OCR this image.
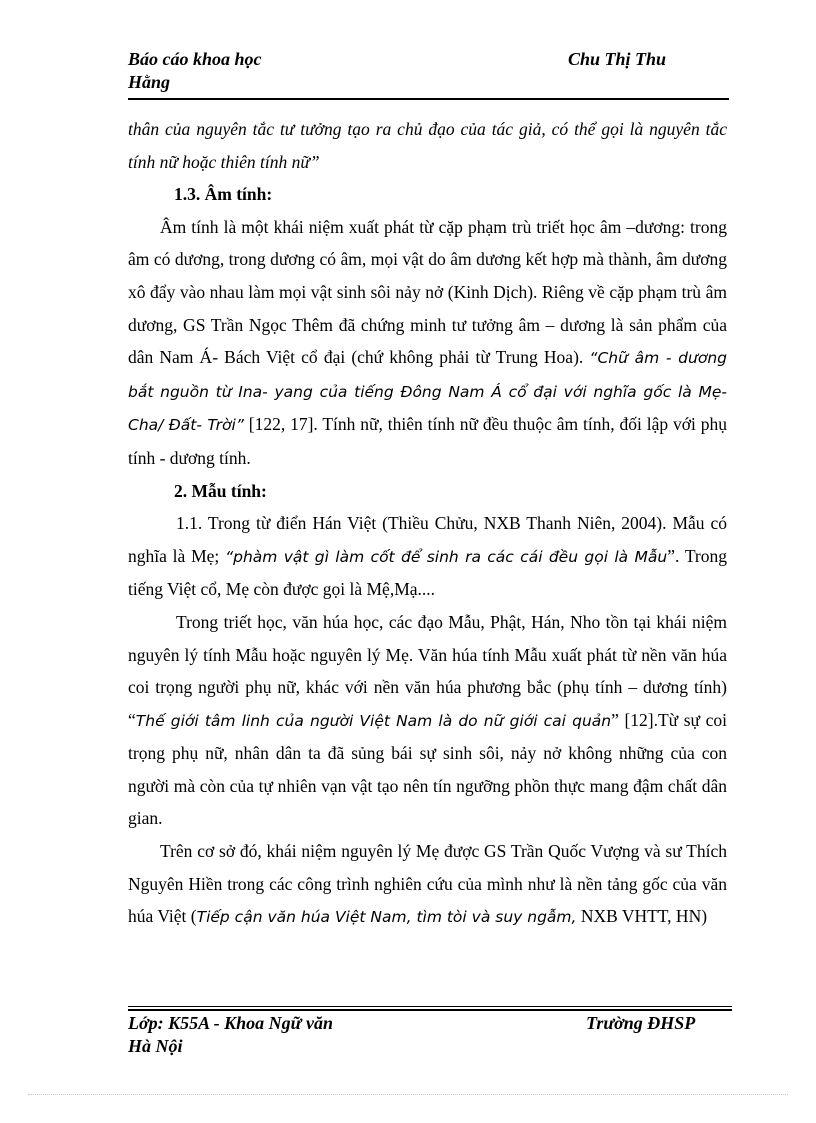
Báo cáo khoa học	Chu Thị Thu
Hằng

thân của nguyên tắc tư tưởng tạo ra chủ đạo của tác giả, có thể gọi là nguyên tắc tính nữ hoặc thiên tính nữ”

1.3. Âm tính:

Âm tính là một khái niệm xuất phát từ cặp phạm trù triết học âm –dương: trong âm có dương, trong dương có âm, mọi vật do âm dương kết hợp mà thành, âm dương xô đẩy vào nhau làm mọi vật sinh sôi nảy nở (Kinh Dịch). Riêng về cặp phạm trù âm dương, GS Trần Ngọc Thêm đã chứng minh tư tưởng âm – dương là sản phẩm của dân Nam Á- Bách Việt cổ đại (chứ không phải từ Trung Hoa). “Chữ âm - dương bắt nguồn từ Ina- yang của tiếng Đông Nam Á cổ đại với nghĩa gốc là Mẹ- Cha/ Đất- Trời” [122, 17]. Tính nữ, thiên tính nữ đều thuộc âm tính, đối lập với phụ tính - dương tính.

2. Mẫu tính:

1.1. Trong từ điển Hán Việt (Thiều Chửu, NXB Thanh Niên, 2004). Mẫu có nghĩa là Mẹ; “phàm vật gì làm cốt để sinh ra các cái đều gọi là Mẫu”. Trong tiếng Việt cổ, Mẹ còn được gọi là Mệ,Mạ....

Trong triết học, văn húa học, các đạo Mẫu, Phật, Hán, Nho tồn tại khái niệm nguyên lý tính Mẫu hoặc nguyên lý Mẹ. Văn húa tính Mẫu xuất phát từ nền văn húa coi trọng người phụ nữ, khác với nền văn húa phương bắc (phụ tính – dương tính) “Thế giới tâm linh của người Việt Nam là do nữ giới cai quản” [12].Từ sự coi trọng phụ nữ, nhân dân ta đã sủng bái sự sinh sôi, nảy nở không những của con người mà còn của tự nhiên vạn vật tạo nên tín ngưỡng phồn thực mang đậm chất dân gian.

Trên cơ sở đó, khái niệm nguyên lý Mẹ được GS Trần Quốc Vượng và sư Thích Nguyên Hiền trong các công trình nghiên cứu của mình như là nền tảng gốc của văn húa Việt (Tiếp cận văn húa Việt Nam, tìm tòi và suy ngẫm, NXB VHTT, HN)

Lớp: K55A - Khoa Ngữ văn	Trường ĐHSP
Hà Nội
